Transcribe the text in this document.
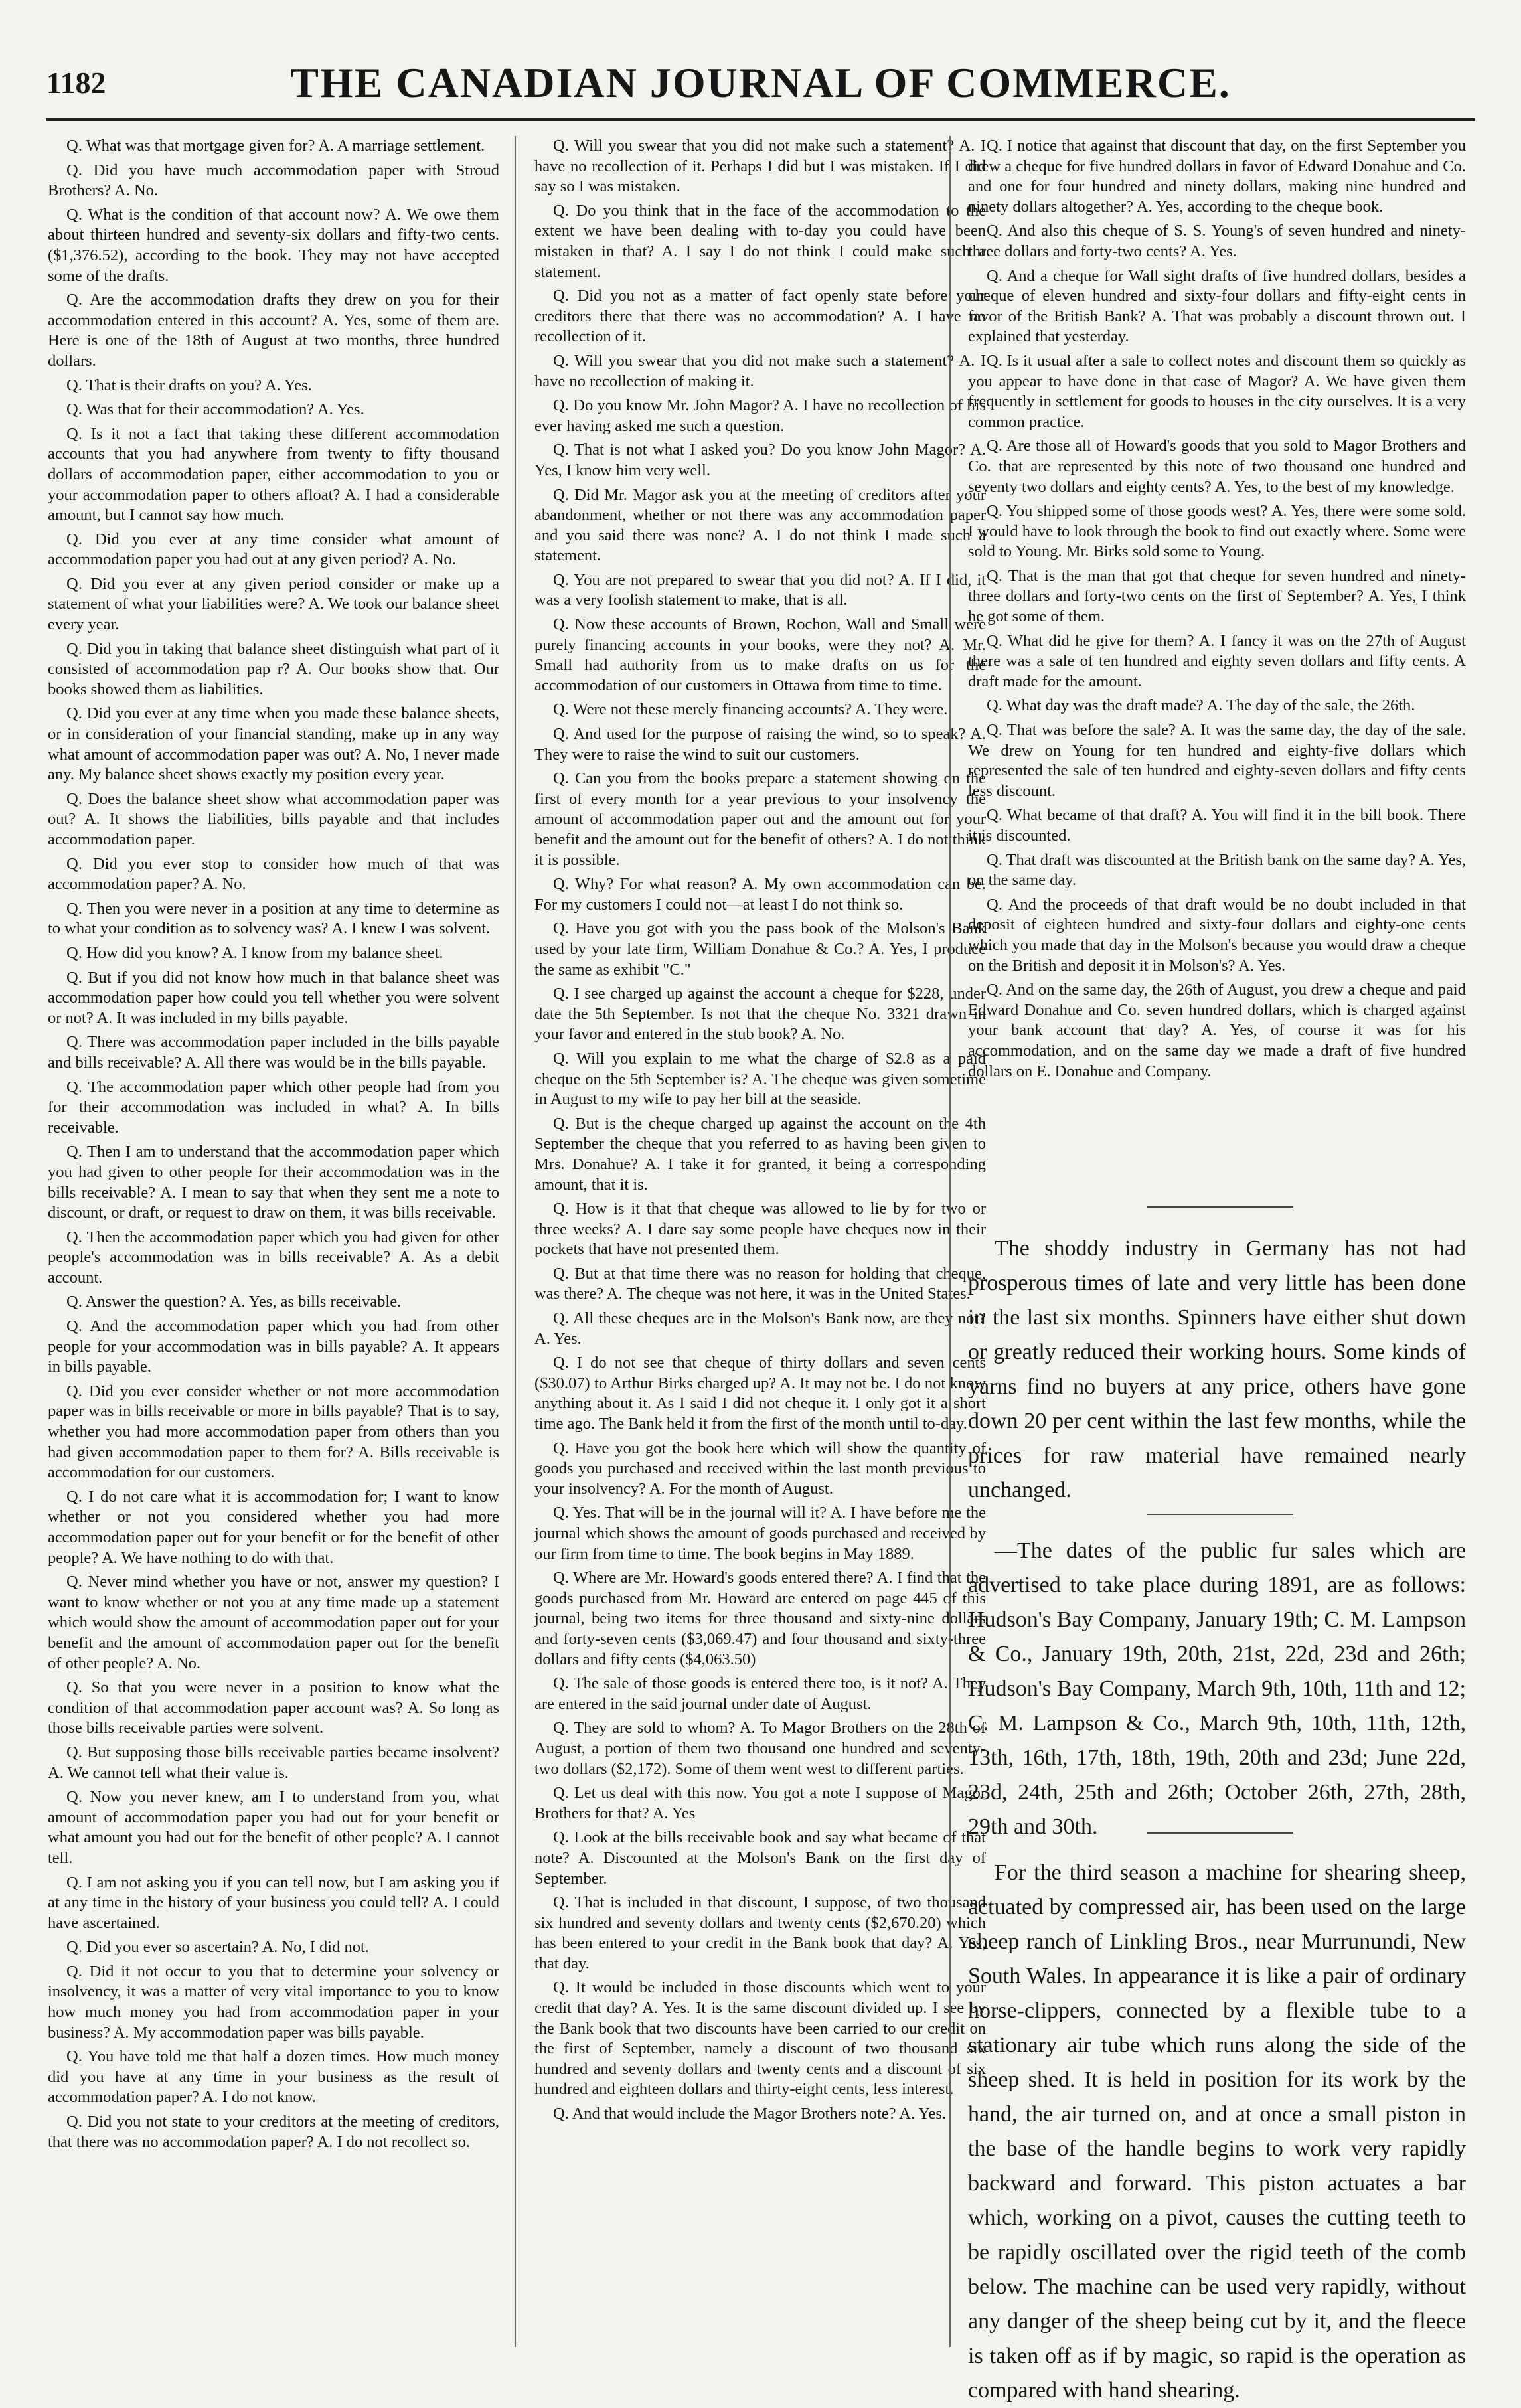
1182	THE CANADIAN JOURNAL OF COMMERCE.

Q. What was that mortgage given for? A. A marriage settlement.

Q. Did you have much accommodation paper with Stroud Brothers? A. No.

Q. What is the condition of that account now? A. We owe them about thirteen hundred and seventy-six dollars and fifty-two cents. ($1,376.52), according to the book. They may not have accepted some of the drafts.

Q. Are the accommodation drafts they drew on you for their accommodation entered in this account? A. Yes, some of them are. Here is one of the 18th of August at two months, three hundred dollars.

Q. That is their drafts on you? A. Yes.

Q. Was that for their accommodation? A. Yes.

Q. Is it not a fact that taking these different accommodation accounts that you had anywhere from twenty to fifty thousand dollars of accommodation paper, either accommodation to you or your accommodation paper to others afloat? A. I had a considerable amount, but I cannot say how much.

Q. Did you ever at any time consider what amount of accommodation paper you had out at any given period? A. No.

Q. Did you ever at any given period consider or make up a statement of what your liabilities were? A. We took our balance sheet every year.

Q. Did you in taking that balance sheet distinguish what part of it consisted of accommodation pap r? A. Our books show that. Our books showed them as liabilities.

Q. Did you ever at any time when you made these balance sheets, or in consideration of your financial standing, make up in any way what amount of accommodation paper was out? A. No, I never made any. My balance sheet shows exactly my position every year.

Q. Does the balance sheet show what accommodation paper was out? A. It shows the liabilities, bills payable and that includes accommodation paper.

Q. Did you ever stop to consider how much of that was accommodation paper? A. No.

Q. Then you were never in a position at any time to determine as to what your condition as to solvency was? A. I knew I was solvent.

Q. How did you know? A. I know from my balance sheet.

Q. But if you did not know how much in that balance sheet was accommodation paper how could you tell whether you were solvent or not? A. It was included in my bills payable.

Q. There was accommodation paper included in the bills payable and bills receivable? A. All there was would be in the bills payable.

Q. The accommodation paper which other people had from you for their accommodation was included in what? A. In bills receivable.

Q. Then I am to understand that the accommodation paper which you had given to other people for their accommodation was in the bills receivable? A. I mean to say that when they sent me a note to discount, or draft, or request to draw on them, it was bills receivable.

Q. Then the accommodation paper which you had given for other people's accommodation was in bills receivable? A. As a debit account.

Q. Answer the question? A. Yes, as bills receivable.

Q. And the accommodation paper which you had from other people for your accommodation was in bills payable? A. It appears in bills payable.

Q. Did you ever consider whether or not more accommodation paper was in bills receivable or more in bills payable? That is to say, whether you had more accommodation paper from others than you had given accommodation paper to them for? A. Bills receivable is accommodation for our customers.

Q. I do not care what it is accommodation for; I want to know whether or not you considered whether you had more accommodation paper out for your benefit or for the benefit of other people? A. We have nothing to do with that.

Q. Never mind whether you have or not, answer my question? I want to know whether or not you at any time made up a statement which would show the amount of accommodation paper out for your benefit and the amount of accommodation paper out for the benefit of other people? A. No.

Q. So that you were never in a position to know what the condition of that accommodation paper account was? A. So long as those bills receivable parties were solvent.

Q. But supposing those bills receivable parties became insolvent? A. We cannot tell what their value is.

Q. Now you never knew, am I to understand from you, what amount of accommodation paper you had out for your benefit or what amount you had out for the benefit of other people? A. I cannot tell.

Q. I am not asking you if you can tell now, but I am asking you if at any time in the history of your business you could tell? A. I could have ascertained.

Q. Did you ever so ascertain? A. No, I did not.

Q. Did it not occur to you that to determine your solvency or insolvency, it was a matter of very vital importance to you to know how much money you had from accommodation paper in your business? A. My accommodation paper was bills payable.

Q. You have told me that half a dozen times. How much money did you have at any time in your business as the result of accommodation paper? A. I do not know.

Q. Did you not state to your creditors at the meeting of creditors, that there was no accommodation paper? A. I do not recollect so.

Q. Will you swear that you did not make such a statement? A. I have no recollection of it. Perhaps I did but I was mistaken. If I did say so I was mistaken.

Q. Do you think that in the face of the accommodation to the extent we have been dealing with to-day you could have been mistaken in that? A. I say I do not think I could make such a statement.

Q. Did you not as a matter of fact openly state before your creditors there that there was no accommodation? A. I have no recollection of it.

Q. Will you swear that you did not make such a statement? A. I have no recollection of making it.

Q. Do you know Mr. John Magor? A. I have no recollection of his ever having asked me such a question.

Q. That is not what I asked you? Do you know John Magor? A. Yes, I know him very well.

Q. Did Mr. Magor ask you at the meeting of creditors after your abandonment, whether or not there was any accommodation paper and you said there was none? A. I do not think I made such a statement.

Q. You are not prepared to swear that you did not? A. If I did, it was a very foolish statement to make, that is all.

Q. Now these accounts of Brown, Rochon, Wall and Small were purely financing accounts in your books, were they not? A. Mr. Small had authority from us to make drafts on us for the accommodation of our customers in Ottawa from time to time.

Q. Were not these merely financing accounts? A. They were.

Q. And used for the purpose of raising the wind, so to speak? A. They were to raise the wind to suit our customers.

Q. Can you from the books prepare a statement showing on the first of every month for a year previous to your insolvency the amount of accommodation paper out and the amount out for your benefit and the amount out for the benefit of others? A. I do not think it is possible.

Q. Why? For what reason? A. My own accommodation can be. For my customers I could not—at least I do not think so.

Q. Have you got with you the pass book of the Molson's Bank used by your late firm, William Donahue & Co.? A. Yes, I produce the same as exhibit "C."

Q. I see charged up against the account a cheque for $228, under date the 5th September. Is not that the cheque No. 3321 drawn in your favor and entered in the stub book? A. No.

Q. Will you explain to me what the charge of $2.8 as a paid cheque on the 5th September is? A. The cheque was given sometime in August to my wife to pay her bill at the seaside.

Q. But is the cheque charged up against the account on the 4th September the cheque that you referred to as having been given to Mrs. Donahue? A. I take it for granted, it being a corresponding amount, that it is.

Q. How is it that that cheque was allowed to lie by for two or three weeks? A. I dare say some people have cheques now in their pockets that have not presented them.

Q. But at that time there was no reason for holding that cheque, was there? A. The cheque was not here, it was in the United States.

Q. All these cheques are in the Molson's Bank now, are they not? A. Yes.

Q. I do not see that cheque of thirty dollars and seven cents ($30.07) to Arthur Birks charged up? A. It may not be. I do not know anything about it. As I said I did not cheque it. I only got it a short time ago. The Bank held it from the first of the month until to-day.

Q. Have you got the book here which will show the quantity of goods you purchased and received within the last month previous to your insolvency? A. For the month of August.

Q. Yes. That will be in the journal will it? A. I have before me the journal which shows the amount of goods purchased and received by our firm from time to time. The book begins in May 1889.

Q. Where are Mr. Howard's goods entered there? A. I find that the goods purchased from Mr. Howard are entered on page 445 of this journal, being two items for three thousand and sixty-nine dollars and forty-seven cents ($3,069.47) and four thousand and sixty-three dollars and fifty cents ($4,063.50)

Q. The sale of those goods is entered there too, is it not? A. They are entered in the said journal under date of August.

Q. They are sold to whom? A. To Magor Brothers on the 28th of August, a portion of them two thousand one hundred and seventy-two dollars ($2,172). Some of them went west to different parties.

Q. Let us deal with this now. You got a note I suppose of Magor Brothers for that? A. Yes

Q. Look at the bills receivable book and say what became of that note? A. Discounted at the Molson's Bank on the first day of September.

Q. That is included in that discount, I suppose, of two thousand six hundred and seventy dollars and twenty cents ($2,670.20) which has been entered to your credit in the Bank book that day? A. Yes, that day.

Q. It would be included in those discounts which went to your credit that day? A. Yes. It is the same discount divided up. I see by the Bank book that two discounts have been carried to our credit on the first of September, namely a discount of two thousand six hundred and seventy dollars and twenty cents and a discount of six hundred and eighteen dollars and thirty-eight cents, less interest.

Q. And that would include the Magor Brothers note? A. Yes.

Q. I notice that against that discount that day, on the first September you drew a cheque for five hundred dollars in favor of Edward Donahue and Co. and one for four hundred and ninety dollars, making nine hundred and ninety dollars altogether? A. Yes, according to the cheque book.

Q. And also this cheque of S. S. Young's of seven hundred and ninety-three dollars and forty-two cents? A. Yes.

Q. And a cheque for Wall sight drafts of five hundred dollars, besides a cheque of eleven hundred and sixty-four dollars and fifty-eight cents in favor of the British Bank? A. That was probably a discount thrown out. I explained that yesterday.

Q. Is it usual after a sale to collect notes and discount them so quickly as you appear to have done in that case of Magor? A. We have given them frequently in settlement for goods to houses in the city ourselves. It is a very common practice.

Q. Are those all of Howard's goods that you sold to Magor Brothers and Co. that are represented by this note of two thousand one hundred and seventy two dollars and eighty cents? A. Yes, to the best of my knowledge.

Q. You shipped some of those goods west? A. Yes, there were some sold. I would have to look through the book to find out exactly where. Some were sold to Young. Mr. Birks sold some to Young.

Q. That is the man that got that cheque for seven hundred and ninety-three dollars and forty-two cents on the first of September? A. Yes, I think he got some of them.

Q. What did he give for them? A. I fancy it was on the 27th of August there was a sale of ten hundred and eighty seven dollars and fifty cents. A draft made for the amount.

Q. What day was the draft made? A. The day of the sale, the 26th.

Q. That was before the sale? A. It was the same day, the day of the sale. We drew on Young for ten hundred and eighty-five dollars which represented the sale of ten hundred and eighty-seven dollars and fifty cents less discount.

Q. What became of that draft? A. You will find it in the bill book. There it is discounted.

Q. That draft was discounted at the British bank on the same day? A. Yes, on the same day.

Q. And the proceeds of that draft would be no doubt included in that deposit of eighteen hundred and sixty-four dollars and eighty-one cents which you made that day in the Molson's because you would draw a cheque on the British and deposit it in Molson's? A. Yes.

Q. And on the same day, the 26th of August, you drew a cheque and paid Edward Donahue and Co. seven hundred dollars, which is charged against your bank account that day? A. Yes, of course it was for his accommodation, and on the same day we made a draft of five hundred dollars on E. Donahue and Company.

The shoddy industry in Germany has not had prosperous times of late and very little has been done in the last six months. Spinners have either shut down or greatly reduced their working hours. Some kinds of yarns find no buyers at any price, others have gone down 20 per cent within the last few months, while the prices for raw material have remained nearly unchanged.

—The dates of the public fur sales which are advertised to take place during 1891, are as follows: Hudson's Bay Company, January 19th; C. M. Lampson & Co., January 19th, 20th, 21st, 22d, 23d and 26th; Hudson's Bay Company, March 9th, 10th, 11th and 12; C. M. Lampson & Co., March 9th, 10th, 11th, 12th, 13th, 16th, 17th, 18th, 19th, 20th and 23d; June 22d, 23d, 24th, 25th and 26th; October 26th, 27th, 28th, 29th and 30th.

For the third season a machine for shearing sheep, actuated by compressed air, has been used on the large sheep ranch of Linkling Bros., near Murrunundi, New South Wales. In appearance it is like a pair of ordinary horse-clippers, connected by a flexible tube to a stationary air tube which runs along the side of the sheep shed. It is held in position for its work by the hand, the air turned on, and at once a small piston in the base of the handle begins to work very rapidly backward and forward. This piston actuates a bar which, working on a pivot, causes the cutting teeth to be rapidly oscillated over the rigid teeth of the comb below. The machine can be used very rapidly, without any danger of the sheep being cut by it, and the fleece is taken off as if by magic, so rapid is the operation as compared with hand shearing.
